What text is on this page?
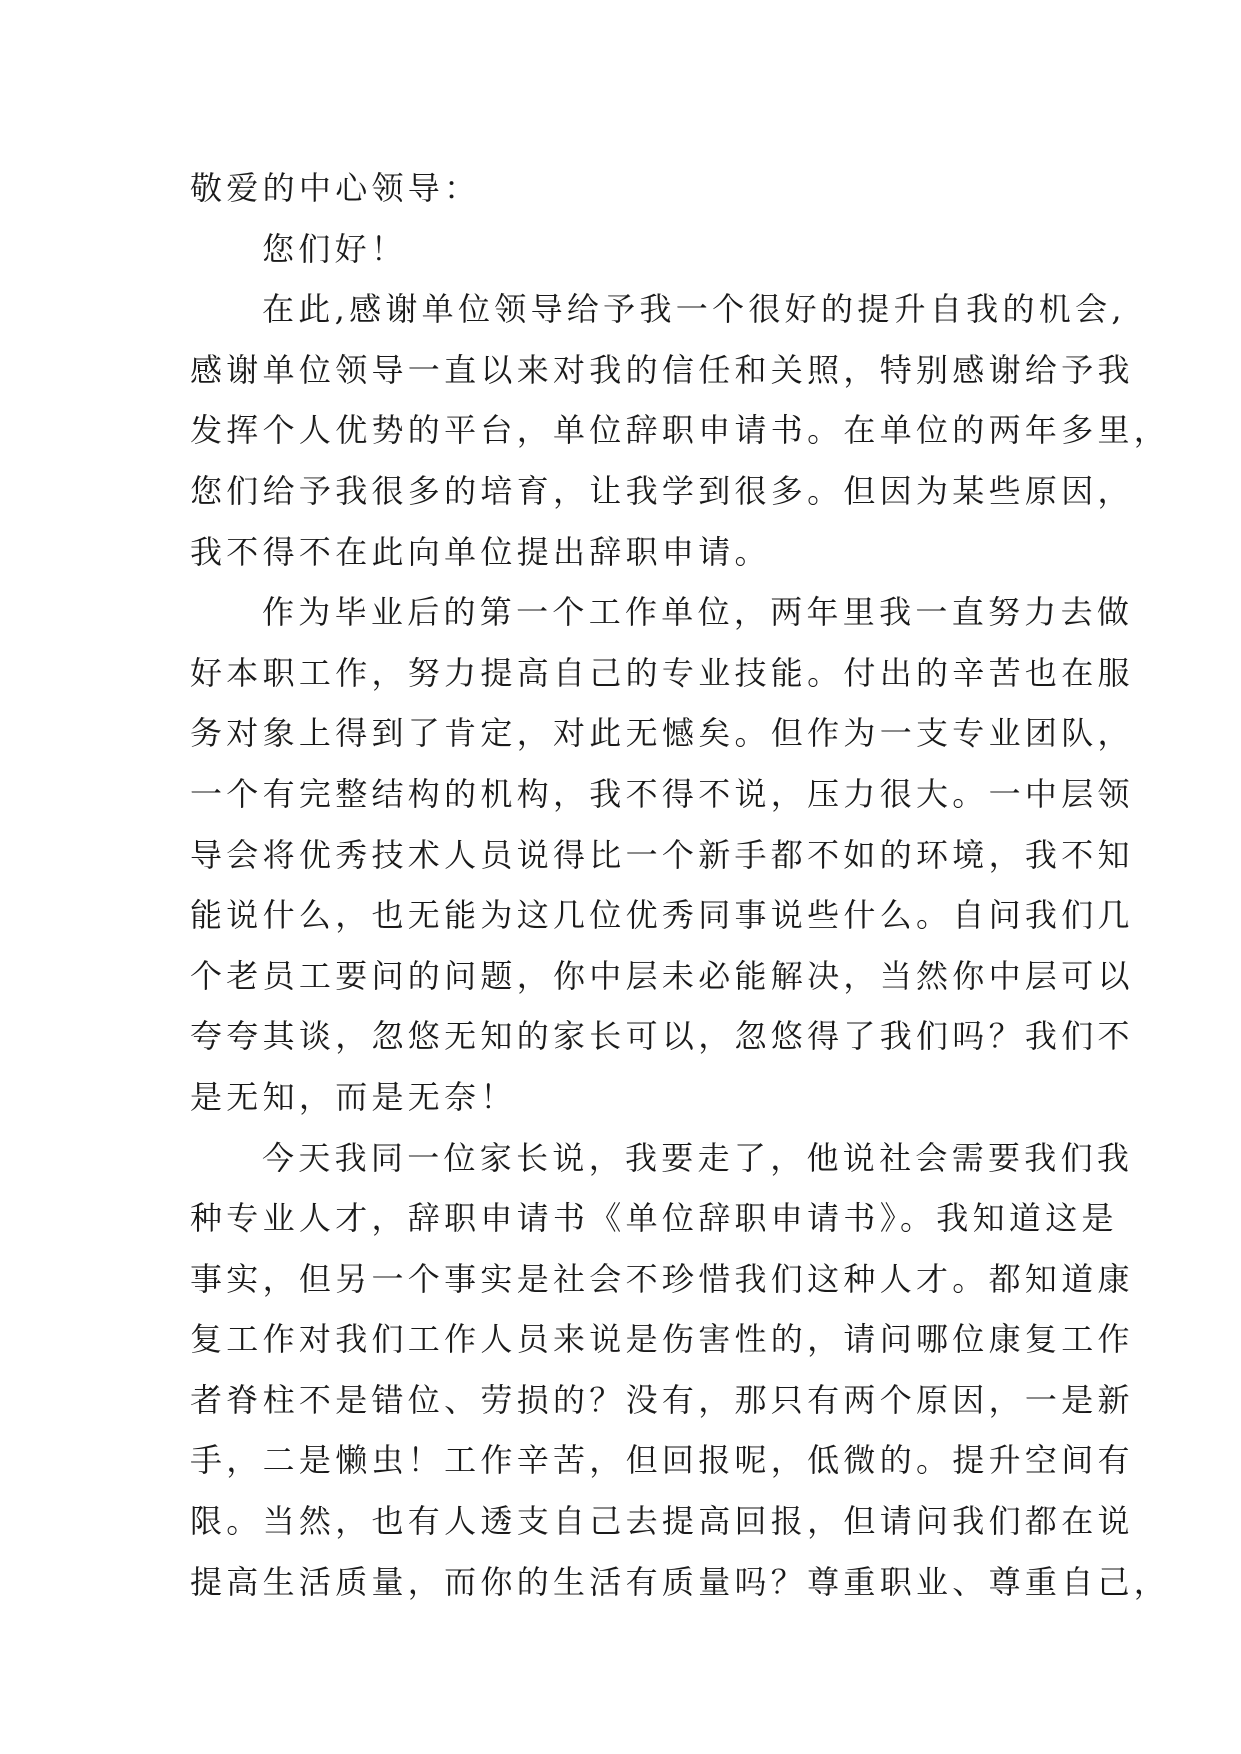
敬爱的中心领导：
您们好！
在此,感谢单位领导给予我一个很好的提升自我的机会,
感谢单位领导一直以来对我的信任和关照，特别感谢给予我
发挥个人优势的平台，单位辞职申请书。在单位的两年多里，
您们给予我很多的培育，让我学到很多。但因为某些原因，
我不得不在此向单位提出辞职申请。
作为毕业后的第一个工作单位，两年里我一直努力去做
好本职工作，努力提高自己的专业技能。付出的辛苦也在服
务对象上得到了肯定，对此无憾矣。但作为一支专业团队，
一个有完整结构的机构，我不得不说，压力很大。一中层领
导会将优秀技术人员说得比一个新手都不如的环境，我不知
能说什么，也无能为这几位优秀同事说些什么。自问我们几
个老员工要问的问题，你中层未必能解决，当然你中层可以
夸夸其谈，忽悠无知的家长可以，忽悠得了我们吗？我们不
是无知，而是无奈！
今天我同一位家长说，我要走了，他说社会需要我们我
种专业人才，辞职申请书《单位辞职申请书》。我知道这是
事实，但另一个事实是社会不珍惜我们这种人才。都知道康
复工作对我们工作人员来说是伤害性的，请问哪位康复工作
者脊柱不是错位、劳损的？没有，那只有两个原因，一是新
手，二是懒虫！工作辛苦，但回报呢，低微的。提升空间有
限。当然，也有人透支自己去提高回报，但请问我们都在说
提高生活质量，而你的生活有质量吗？尊重职业、尊重自己，
